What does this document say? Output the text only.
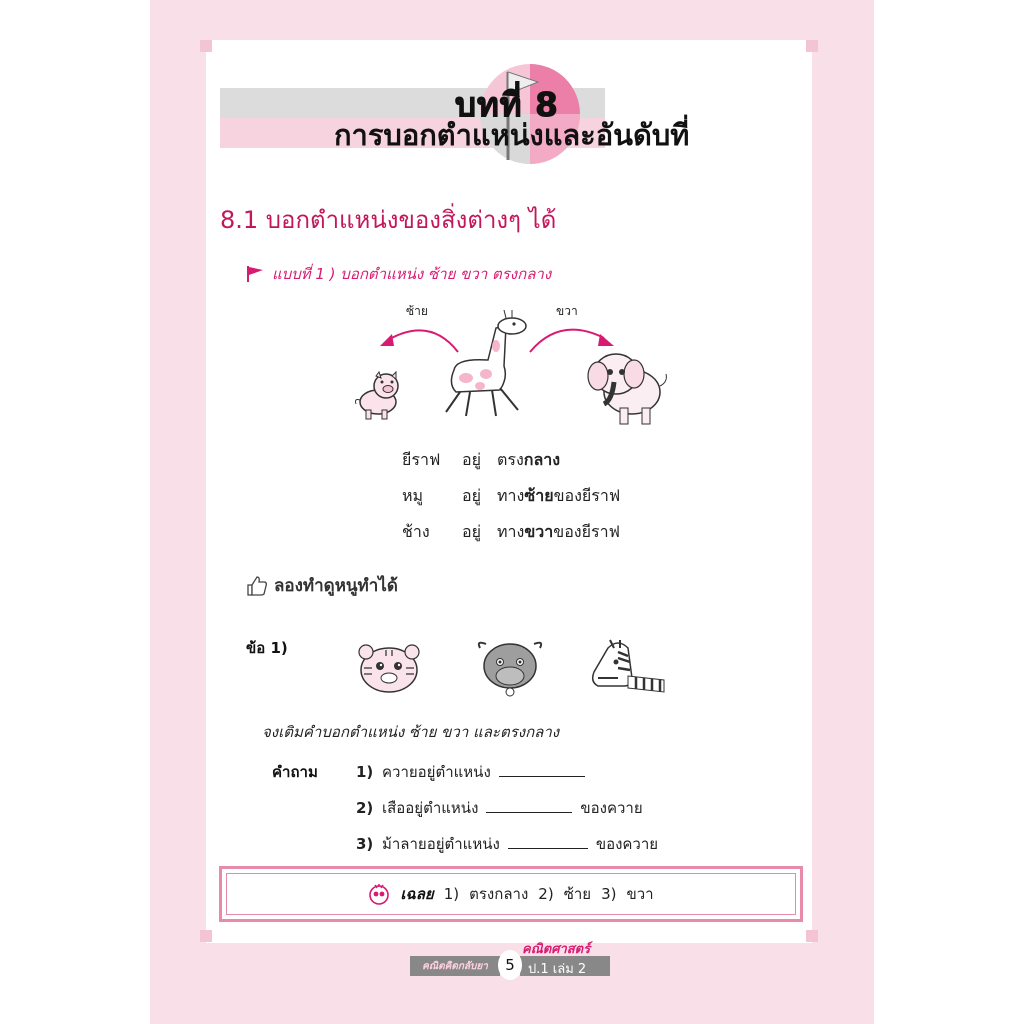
บทที่ 8
การบอกตำแหน่งและอันดับที่
8.1 บอกตำแหน่งของสิ่งต่างๆ ได้
แบบที่ 1 ) บอกตำแหน่ง ซ้าย ขวา ตรงกลาง
ซ้าย	ขวา
ยีราฟ	อยู่	ตรง กลาง
หมู	อยู่	ทาง ซ้าย ของยีราฟ
ช้าง	อยู่	ทาง ขวา ของยีราฟ
ลองทำดูหนูทำได้
ข้อ 1)
จงเติมคำบอกตำแหน่ง ซ้าย ขวา และตรงกลาง
คำถาม	1) ควายอยู่ตำแหน่ง
2) เสืออยู่ตำแหน่ง	ของควาย
3) ม้าลายอยู่ตำแหน่ง	ของควาย
เฉลย 1) ตรงกลาง 2) ซ้าย 3) ขวา
คณิตคิดกลับยา
คณิตศาสตร์
ป.1 เล่ม 2
5
